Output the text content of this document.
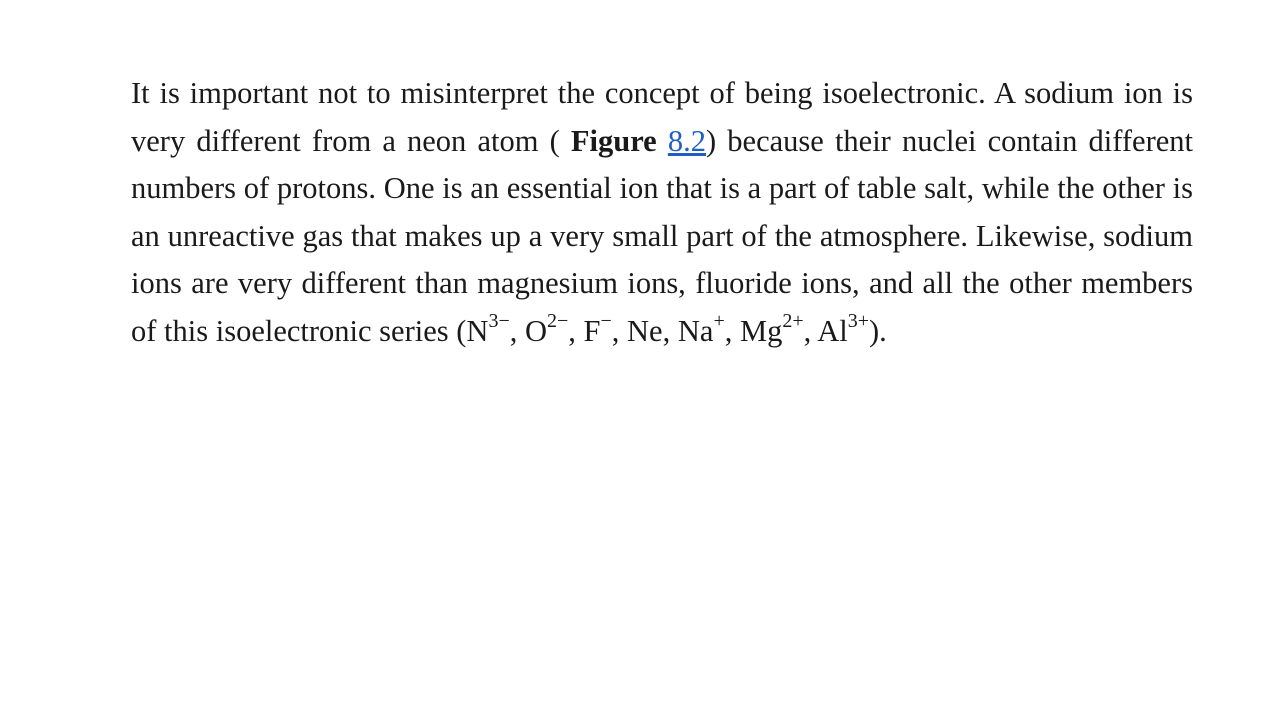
It is important not to misinterpret the concept of being isoelectronic. A sodium ion is very different from a neon atom ( Figure 8.2) because their nuclei contain different numbers of protons. One is an essential ion that is a part of table salt, while the other is an unreactive gas that makes up a very small part of the atmosphere. Likewise, sodium ions are very different than magnesium ions, fluoride ions, and all the other members of this isoelectronic series ($N^{3-}$, $O^{2-}$, F−, Ne, Na+, $Mg^{2+}$, $Al^{3+}$).
